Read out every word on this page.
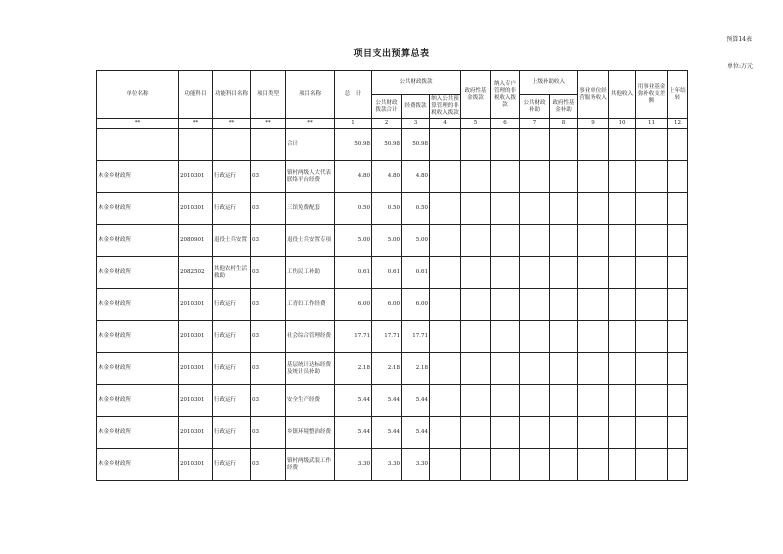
预算14表
项目支出预算总表
单位:万元
单位名称	功能科目	功能科目名称	项目类型	项目名称	总　计	公共财政拨款			政府性基金拨款	纳入专户管理的非税收入拨款	上级补助收入		事业单位经营服务收入	其他收入	用事业基金弥补收支差额	上年结转
						公共财政拨款合计	经费拨款	纳入公共预算管理的非税收入拨款			公共财政补助	政府性基金补助				
**	**	**	**	**	1	2	3	4	5	6	7	8	9	10	11	12
				合计	50.98	50.98	50.98									
木金乡财政所	2010301	行政运行	03	镇村两级人大代表联络平台经费	4.80	4.80	4.80									
木金乡财政所	2010301	行政运行	03	三馆免费配套	0.50	0.50	0.50									
木金乡财政所	2080901	退役士兵安置	03	退役士兵安置专项	5.00	5.00	5.00									
木金乡财政所	2082502	其他农村生活救助	03	工伤民工补助	0.61	0.61	0.61									
木金乡财政所	2010301	行政运行	03	工青妇工作经费	6.00	6.00	6.00									
木金乡财政所	2010301	行政运行	03	社会综合管理经费	17.71	17.71	17.71									
木金乡财政所	2010301	行政运行	03	基层统计达标经费及统计员补助	2.18	2.18	2.18									
木金乡财政所	2010301	行政运行	03	安全生产经费	5.44	5.44	5.44									
木金乡财政所	2010301	行政运行	03	乡镇环境整治经费	5.44	5.44	5.44									
木金乡财政所	2010301	行政运行	03	镇村两级武装工作经费	3.30	3.30	3.30									
